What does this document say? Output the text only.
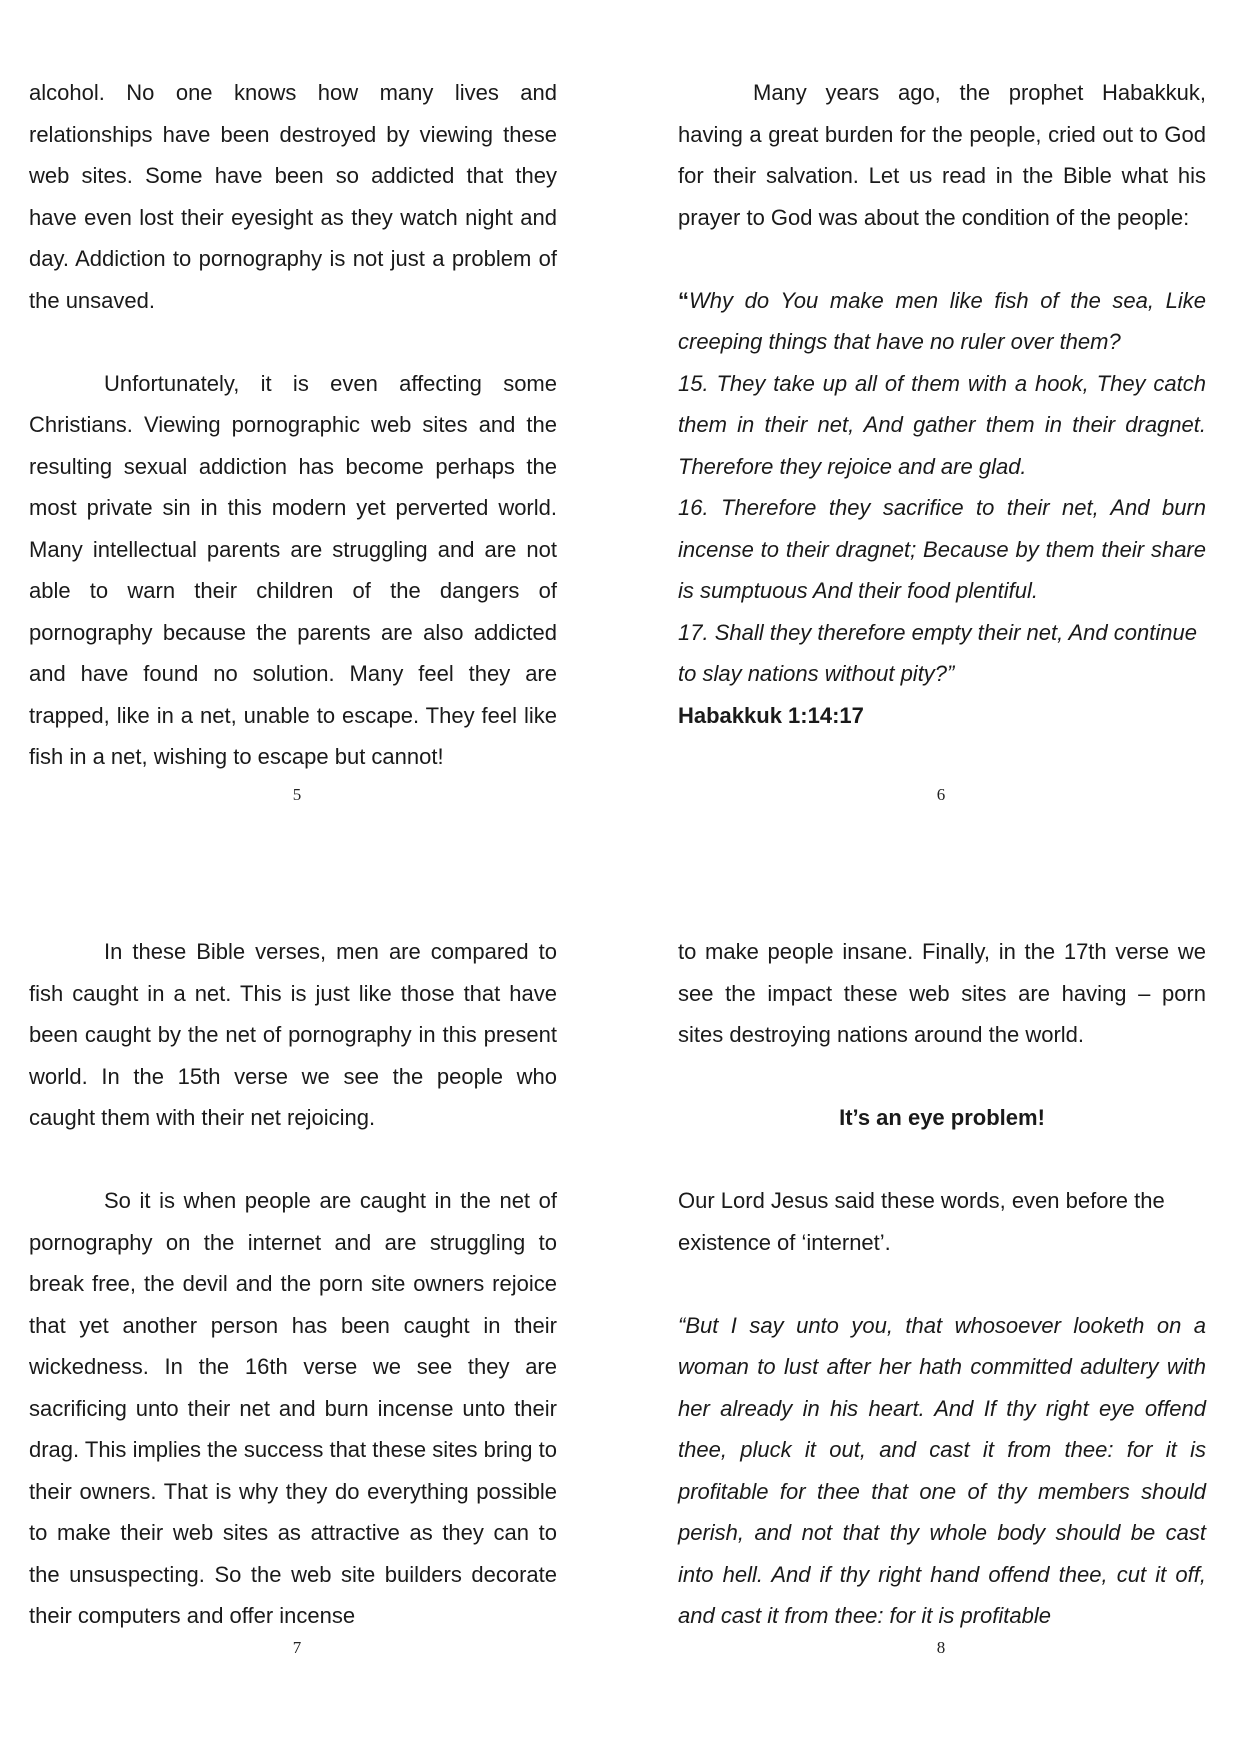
alcohol. No one knows how many lives and relationships have been destroyed by viewing these web sites. Some have been so addicted that they have even lost their eyesight as they watch night and day. Addiction to pornography is not just a problem of the unsaved.

Unfortunately, it is even affecting some Christians. Viewing pornographic web sites and the resulting sexual addiction has become perhaps the most private sin in this modern yet perverted world. Many intellectual parents are struggling and are not able to warn their children of the dangers of pornography because the parents are also addicted and have found no solution. Many feel they are trapped, like in a net, unable to escape. They feel like fish in a net, wishing to escape but cannot!

5

Many years ago, the prophet Habakkuk, having a great burden for the people, cried out to God for their salvation. Let us read in the Bible what his prayer to God was about the condition of the people:

“Why do You make men like fish of the sea, Like creeping things that have no ruler over them?

15. They take up all of them with a hook, They catch them in their net, And gather them in their dragnet. Therefore they rejoice and are glad.

16. Therefore they sacrifice to their net, And burn incense to their dragnet; Because by them their share is sumptuous And their food plentiful.

17. Shall they therefore empty their net, And continue to slay nations without pity?”

Habakkuk 1:14:17

6

In these Bible verses, men are compared to fish caught in a net. This is just like those that have been caught by the net of pornography in this present world. In the 15th verse we see the people who caught them with their net rejoicing.

So it is when people are caught in the net of pornography on the internet and are struggling to break free, the devil and the porn site owners rejoice that yet another person has been caught in their wickedness. In the 16th verse we see they are sacrificing unto their net and burn incense unto their drag. This implies the success that these sites bring to their owners. That is why they do everything possible to make their web sites as attractive as they can to the unsuspecting. So the web site builders decorate their computers and offer incense

7

to make people insane. Finally, in the 17th verse we see the impact these web sites are having – porn sites destroying nations around the world.

It’s an eye problem!

Our Lord Jesus said these words, even before the existence of ‘internet’.

“But I say unto you, that whosoever looketh on a woman to lust after her hath committed adultery with her already in his heart. And If thy right eye offend thee, pluck it out, and cast it from thee: for it is profitable for thee that one of thy members should perish, and not that thy whole body should be cast into hell. And if thy right hand offend thee, cut it off, and cast it from thee: for it is profitable

8
